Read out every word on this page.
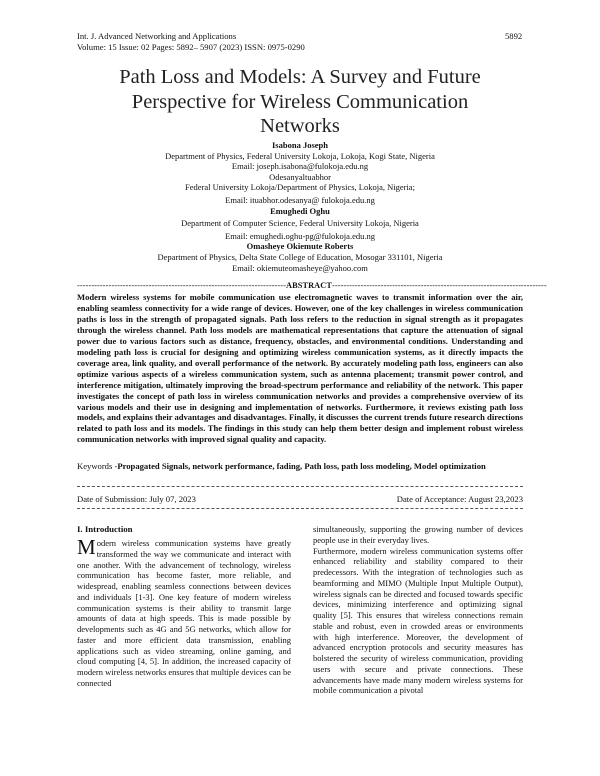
Int. J. Advanced Networking and Applications
Volume: 15 Issue: 02 Pages: 5892– 5907 (2023) ISSN: 0975-0290
5892
Path Loss and Models: A Survey and Future
Perspective for Wireless Communication
Networks
Isabona Joseph
Department of Physics, Federal University Lokoja, Lokoja, Kogi State, Nigeria
Email: joseph.isabona@fulokoja.edu.ng
Odesanyaltuabhor
Federal University Lokoja/Department of Physics, Lokoja, Nigeria;
Email: ituabhor.odesanya@ fulokoja.edu.ng
Emughedi Oghu
Department of Computer Science, Federal University Lokoja, Nigeria
Email: emughedi.oghu-pg@fulokoja.edu.ng
Omasheye Okiemute Roberts
Department of Physics, Delta State College of Education, Mosogar 331101, Nigeria
Email: okiemuteomasheye@yahoo.com
-------------------------------------------------------------------------ABSTRACT---------------------------------------------------------------------------
Modern wireless systems for mobile communication use electromagnetic waves to transmit information over the air, enabling seamless connectivity for a wide range of devices. However, one of the key challenges in wireless communication paths is loss in the strength of propagated signals. Path loss refers to the reduction in signal strength as it propagates through the wireless channel. Path loss models are mathematical representations that capture the attenuation of signal power due to various factors such as distance, frequency, obstacles, and environmental conditions. Understanding and modeling path loss is crucial for designing and optimizing wireless communication systems, as it directly impacts the coverage area, link quality, and overall performance of the network. By accurately modeling path loss, engineers can also optimize various aspects of a wireless communication system, such as antenna placement; transmit power control, and interference mitigation, ultimately improving the broad-spectrum performance and reliability of the network. This paper investigates the concept of path loss in wireless communication networks and provides a comprehensive overview of its various models and their use in designing and implementation of networks. Furthermore, it reviews existing path loss models, and explains their advantages and disadvantages. Finally, it discusses the current trends future research directions related to path loss and its models. The findings in this study can help them better design and implement robust wireless communication networks with improved signal quality and capacity.
Keywords -Propagated Signals, network performance, fading, Path loss, path loss modeling, Model optimization
Date of Submission: July 07, 2023	Date of Acceptance: August 23,2023
I. Introduction
Modern wireless communication systems have greatly transformed the way we communicate and interact with one another. With the advancement of technology, wireless communication has become faster, more reliable, and widespread, enabling seamless connections between devices and individuals [1-3]. One key feature of modern wireless communication systems is their ability to transmit large amounts of data at high speeds. This is made possible by developments such as 4G and 5G networks, which allow for faster and more efficient data transmission, enabling applications such as video streaming, online gaming, and cloud computing [4, 5]. In addition, the increased capacity of modern wireless networks ensures that multiple devices can be connected
simultaneously, supporting the growing number of devices people use in their everyday lives.
Furthermore, modern wireless communication systems offer enhanced reliability and stability compared to their predecessors. With the integration of technologies such as beamforming and MIMO (Multiple Input Multiple Output), wireless signals can be directed and focused towards specific devices, minimizing interference and optimizing signal quality [5]. This ensures that wireless connections remain stable and robust, even in crowded areas or environments with high interference. Moreover, the development of advanced encryption protocols and security measures has bolstered the security of wireless communication, providing users with secure and private connections. These advancements have made many modern wireless systems for mobile communication a pivotal
